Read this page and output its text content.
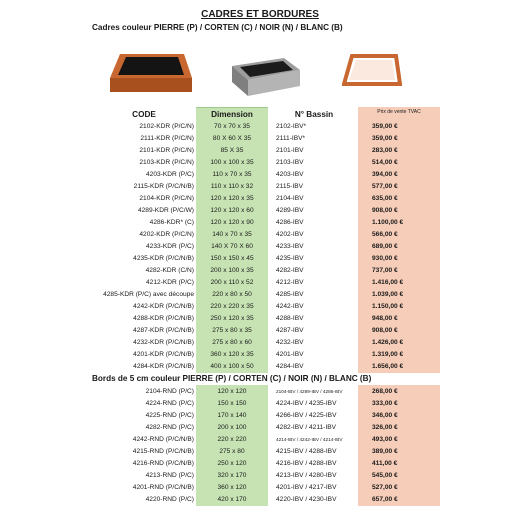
CADRES ET BORDURES
Cadres couleur PIERRE (P) / CORTEN (C) / NOIR (N) / BLANC (B)
CODE	Dimension	N° Bassin	Prix de vente TVAC
2102-KDR (P/C/N)	70 x 70 x 35	2102-IBV*	359,00 €
2111-KDR (P/C/N)	80 X 60 X 35	2111-IBV*	359,00 €
2101-KDR (P/C/N)	85 X 35	2101-IBV	283,00 €
2103-KDR (P/C/N)	100 x 100 x 35	2103-IBV	514,00 €
4203-KDR (P/C)	110 x 70 x 35	4203-IBV	394,00 €
2115-KDR (P/C/N/B)	110 x 110 x 32	2115-IBV	577,00 €
2104-KDR (P/C/N)	120 x 120 x 35	2104-IBV	635,00 €
4289-KDR (P/C/W)	120 x 120 x 60	4289-IBV	908,00 €
4286-KDR* (C)	120 x 120 x 90	4286-IBV	1.100,00 €
4202-KDR (P/C/N)	140 x 70 x 35	4202-IBV	566,00 €
4233-KDR (P/C)	140 X 70 X 60	4233-IBV	689,00 €
4235-KDR (P/C/N/B)	150 x 150 x 45	4235-IBV	930,00 €
4282-KDR (C/N)	200 x 100 x 35	4282-IBV	737,00 €
4212-KDR (P/C)	200 x 110 x 52	4212-IBV	1.416,00 €
4285-KDR (P/C) avec découpe	220 x 80 x 50	4285-IBV	1.039,00 €
4242-KDR (P/C/N/B)	220 x 220 x 35	4242-IBV	1.150,00 €
4288-KDR (P/C/N/B)	250 x 120 x 35	4288-IBV	948,00 €
4287-KDR (P/C/N/B)	275 x 80 x 35	4287-IBV	908,00 €
4232-KDR (P/C/N/B)	275 x 80 x 60	4232-IBV	1.426,00 €
4201-KDR (P/C/N/B)	360 x 120 x 35	4201-IBV	1.319,00 €
4284-KDR (P/C/N/B)	400 x 100 x 50	4284-IBV	1.656,00 €
Bords de 5 cm couleur PIERRE (P) / CORTEN (C) / NOIR (N) / BLANC (B)
2104-RND (P/C)	120 x 120	2104-IBV / 4289-IBV / 4286-IBV	268,00 €
4224-RND (P/C)	150 x 150	4224-IBV / 4235-IBV	333,00 €
4225-RND (P/C)	170 x 140	4266-IBV / 4225-IBV	346,00 €
4282-RND (P/C)	200 x 100	4282-IBV / 4211-IBV	326,00 €
4242-RND (P/C/N/B)	220 x 220	4214-IBV / 4242-IBV / 4214-IBV	493,00 €
4215-RND (P/C/N/B)	275 x 80	4215-IBV / 4288-IBV	389,00 €
4216-RND (P/C/N/B)	250 x 120	4216-IBV / 4288-IBV	411,00 €
4213-RND (P/C)	320 x 170	4213-IBV / 4280-IBV	545,00 €
4201-RND (P/C/N/B)	360 x 120	4201-IBV / 4217-IBV	527,00 €
4220-RND (P/C)	420 x 170	4220-IBV / 4230-IBV	657,00 €
